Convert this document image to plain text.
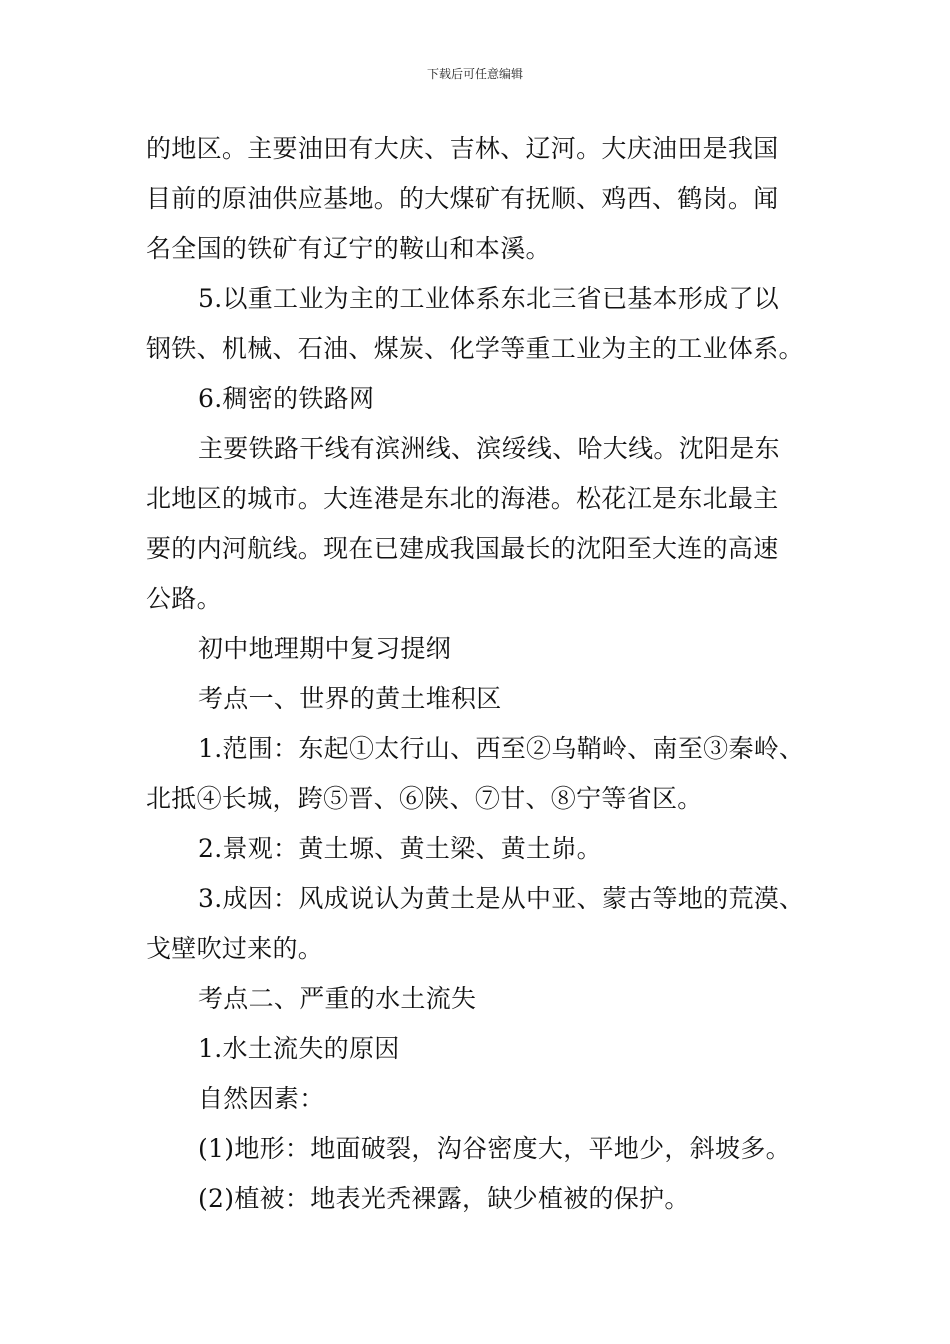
下载后可任意编辑
的地区。主要油田有大庆、吉林、辽河。大庆油田是我国
目前的原油供应基地。的大煤矿有抚顺、鸡西、鹤岗。闻
名全国的铁矿有辽宁的鞍山和本溪。
5.以重工业为主的工业体系东北三省已基本形成了以
钢铁、机械、石油、煤炭、化学等重工业为主的工业体系。
6.稠密的铁路网
主要铁路干线有滨洲线、滨绥线、哈大线。沈阳是东
北地区的城市。大连港是东北的海港。松花江是东北最主
要的内河航线。现在已建成我国最长的沈阳至大连的高速
公路。
初中地理期中复习提纲
考点一、世界的黄土堆积区
1.范围：东起①太行山、西至②乌鞘岭、南至③秦岭、
北抵④长城，跨⑤晋、⑥陕、⑦甘、⑧宁等省区。
2.景观：黄土塬、黄土梁、黄土峁。
3.成因：风成说认为黄土是从中亚、蒙古等地的荒漠、
戈壁吹过来的。
考点二、严重的水土流失
1.水土流失的原因
自然因素：
(1)地形：地面破裂，沟谷密度大，平地少，斜坡多。
(2)植被：地表光秃裸露，缺少植被的保护。
